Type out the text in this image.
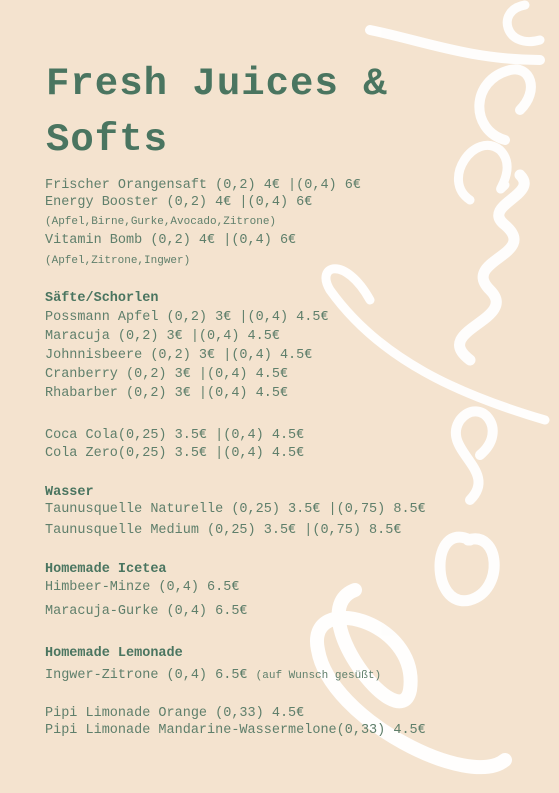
Fresh Juices &
Softs
Frischer Orangensaft (0,2) 4€ |(0,4) 6€
Energy Booster (0,2) 4€ |(0,4) 6€
(Apfel,Birne,Gurke,Avocado,Zitrone)
Vitamin Bomb (0,2) 4€ |(0,4) 6€
(Apfel,Zitrone,Ingwer)
Säfte/Schorlen
Possmann Apfel (0,2) 3€ |(0,4) 4.5€
Maracuja (0,2) 3€ |(0,4) 4.5€
Johnnisbeere (0,2) 3€ |(0,4) 4.5€
Cranberry (0,2) 3€ |(0,4) 4.5€
Rhabarber (0,2) 3€ |(0,4) 4.5€
Coca Cola(0,25) 3.5€ |(0,4) 4.5€
Cola Zero(0,25) 3.5€ |(0,4) 4.5€
Wasser
Taunusquelle Naturelle (0,25) 3.5€ |(0,75) 8.5€
Taunusquelle Medium (0,25) 3.5€ |(0,75) 8.5€
Homemade Icetea
Himbeer-Minze (0,4) 6.5€
Maracuja-Gurke (0,4) 6.5€
Homemade Lemonade
Ingwer-Zitrone (0,4) 6.5€ (auf Wunsch gesüßt)
Pipi Limonade Orange (0,33) 4.5€
Pipi Limonade Mandarine-Wassermelone(0,33) 4.5€
